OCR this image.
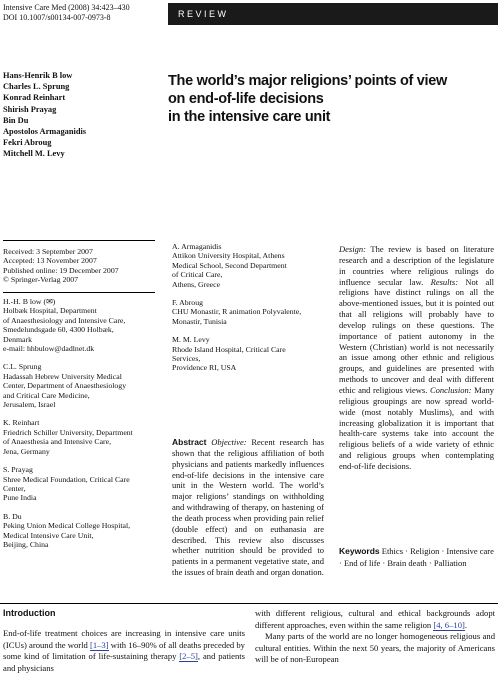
Intensive Care Med (2008) 34:423–430
DOI 10.1007/s00134-007-0973-8	REVIEW
Hans-Henrik B low
Charles L. Sprung
Konrad Reinhart
Shirish Prayag
Bin Du
Apostolos Armaganidis
Fekri Abroug
Mitchell M. Levy
The world’s major religions’ points of view
on end-of-life decisions
in the intensive care unit
Received: 3 September 2007
Accepted: 13 November 2007
Published online: 19 December 2007
© Springer-Verlag 2007
H.-H. B low (✉)
Holbæk Hospital, Department
of Anaesthesiology and Intensive Care,
Smedelundsgade 60, 4300 Holbæk,
Denmark
e-mail: hhbulow@dadlnet.dk
C.L. Sprung
Hadassah Hebrew University Medical
Center, Department of Anaesthesiology
and Critical Care Medicine,
Jerusalem, Israel
K. Reinhart
Friedrich Schiller University, Department
of Anaesthesia and Intensive Care,
Jena, Germany
S. Prayag
Shree Medical Foundation, Critical Care
Center,
Pune India
B. Du
Peking Union Medical College Hospital,
Medical Intensive Care Unit,
Beijing, China
A. Armaganidis
Attikon University Hospital, Athens
Medical School, Second Department
of Critical Care,
Athens, Greece
F. Abroug
CHU Monastir, R animation Polyvalente,
Monastir, Tunisia
M. M. Levy
Rhode Island Hospital, Critical Care
Services,
Providence RI, USA
Abstract Objective: Recent research has shown that the religious affiliation of both physicians and patients markedly influences end-of-life decisions in the intensive care unit in the Western world. The world’s major religions’ standings on withholding and withdrawing of therapy, on hastening of the death process when providing pain relief (double effect) and on euthanasia are described. This review also discusses whether nutrition should be provided to patients in a permanent vegetative state, and the issues of brain death and organ donation.
Design: The review is based on literature research and a description of the legislature in countries where religious rulings do influence secular law. Results: Not all religions have distinct rulings on all the above-mentioned issues, but it is pointed out that all religions will probably have to develop rulings on these questions. The importance of patient autonomy in the Western (Christian) world is not necessarily an issue among other ethnic and religious groups, and guidelines are presented with methods to uncover and deal with different ethic and religious views. Conclusion: Many religious groupings are now spread world-wide (most notably Muslims), and with increasing globalization it is important that health-care systems take into account the religious beliefs of a wide variety of ethnic and religious groups when contemplating end-of-life decisions.
Keywords Ethics · Religion · Intensive care · End of life · Brain death · Palliation
Introduction
End-of-life treatment choices are increasing in intensive care units (ICUs) around the world [1–3] with 16–90% of all deaths preceded by some kind of limitation of life-sustaining therapy [2–5], and patients and physicians
with different religious, cultural and ethical backgrounds adopt different approaches, even within the same religion [4, 6–10].
Many parts of the world are no longer homogeneous religious and cultural entities. Within the next 50 years, the majority of Americans will be of non-European
